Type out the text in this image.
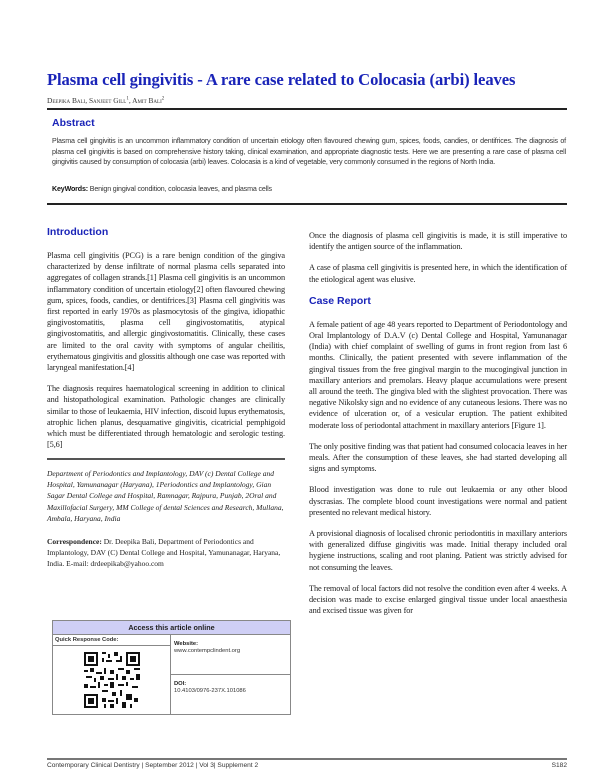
Plasma cell gingivitis - A rare case related to Colocasia (arbi) leaves
Deepika Bali, Sanjeet Gill$^1$, Amit Bali$^2$
Abstract
Plasma cell gingivitis is an uncommon inflammatory condition of uncertain etiology often flavoured chewing gum, spices, foods, candies, or dentifrices. The diagnosis of plasma cell gingivitis is based on comprehensive history taking, clinical examination, and appropriate diagnostic tests. Here we are presenting a rare case of plasma cell gingivitis caused by consumption of colocasia (arbi) leaves. Colocasia is a kind of vegetable, very commonly consumed in the regions of North India.
KeyWords: Benign gingival condition, colocasia leaves, and plasma cells
Introduction

Plasma cell gingivitis (PCG) is a rare benign condition of the gingiva characterized by dense infiltrate of normal plasma cells separated into aggregates of collagen strands.[1] Plasma cell gingivitis is an uncommon inflammatory condition of uncertain etiology[2] often flavoured chewing gum, spices, foods, candies, or dentifrices.[3] Plasma cell gingivitis was first reported in early 1970s as plasmocytosis of the gingiva, idiopathic gingivostomatitis, plasma cell gingivostomatitis, atypical gingivostomatitis, and allergic gingivostomatitis. Clinically, these cases are limited to the oral cavity with symptoms of angular cheilitis, erythematous gingivitis and glossitis although one case was reported with laryngeal manifestation.[4]

The diagnosis requires haematological screening in addition to clinical and histopathological examination. Pathologic changes are clinically similar to those of leukaemia, HIV infection, discoid lupus erythematosis, atrophic lichen planus, desquamative gingivitis, cicatricial pemphigoid which must be differentiated through hematologic and serologic testing.[5,6]

Department of Periodontics and Implantology, DAV (c) Dental College and Hospital, Yamunanagar (Haryana), 1Periodontics and Implantology, Gian Sagar Dental College and Hospital, Ramnagar, Rajpura, Punjab, 2Oral and Maxillofacial Surgery, MM College of dental Sciences and Research, Mullana, Ambala, Haryana, India

Correspondence: Dr. Deepika Bali, Department of Periodontics and Implantology, DAV (C) Dental College and Hospital, Yamunanagar, Haryana, India. E-mail: drdeepikab@yahoo.com

Access this article online
Quick Response Code:
Website:
www.contempclindent.org
DOI:
10.4103/0976-237X.101086

Once the diagnosis of plasma cell gingivitis is made, it is still imperative to identify the antigen source of the inflammation.

A case of plasma cell gingivitis is presented here, in which the identification of the etiological agent was elusive.

Case Report

A female patient of age 48 years reported to Department of Periodontology and Oral Implantology of D.A.V (c) Dental College and Hospital, Yamunanagar (India) with chief complaint of swelling of gums in front region from last 6 months. Clinically, the patient presented with severe inflammation of the gingival tissues from the free gingival margin to the mucogingival junction in maxillary anteriors and premolars. Heavy plaque accumulations were present all around the teeth. The gingiva bled with the slightest provocation. There was negative Nikolsky sign and no evidence of any cutaneous lesions. There was no evidence of ulceration or, of a vesicular eruption. The patient exhibited moderate loss of periodontal attachment in maxillary anteriors [Figure 1].

The only positive finding was that patient had consumed colocacia leaves in her meals. After the consumption of these leaves, she had started developing all signs and symptoms.

Blood investigation was done to rule out leukaemia or any other blood dyscrasias. The complete blood count investigations were normal and patient presented no relevant medical history.

A provisional diagnosis of localised chronic periodontitis in maxillary anteriors with generalized diffuse gingivitis was made. Initial therapy included oral hygiene instructions, scaling and root planing. Patient was strictly advised for not consuming the leaves.

The removal of local factors did not resolve the condition even after 4 weeks. A decision was made to excise enlarged gingival tissue under local anaesthesia and excised tissue was given for

Contemporary Clinical Dentistry | September 2012 | Vol 3| Supplement 2	S182
